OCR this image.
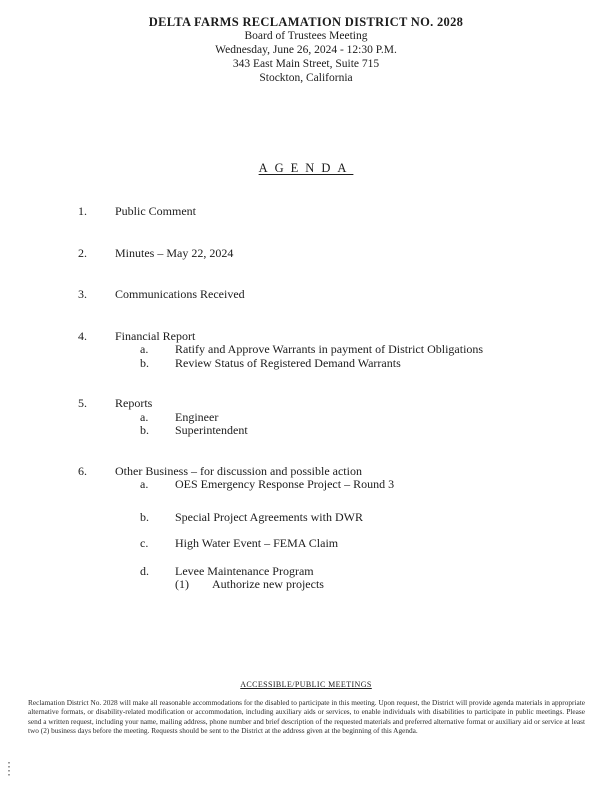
DELTA FARMS RECLAMATION DISTRICT NO. 2028
Board of Trustees Meeting
Wednesday, June 26, 2024 - 12:30 P.M.
343 East Main Street, Suite 715
Stockton, California
AGENDA
1.	Public Comment
2.	Minutes – May 22, 2024
3.	Communications Received
4.	Financial Report
a.	Ratify and Approve Warrants in payment of District Obligations
b.	Review Status of Registered Demand Warrants
5.	Reports
a.	Engineer
b.	Superintendent
6.	Other Business – for discussion and possible action
a.	OES Emergency Response Project – Round 3
b.	Special Project Agreements with DWR
c.	High Water Event – FEMA Claim
d.	Levee Maintenance Program
(1)	Authorize new projects
ACCESSIBLE/PUBLIC MEETINGS
Reclamation District No. 2028 will make all reasonable accommodations for the disabled to participate in this meeting. Upon request, the District will provide agenda materials in appropriate alternative formats, or disability-related modification or accommodation, including auxiliary aids or services, to enable individuals with disabilities to participate in public meetings. Please send a written request, including your name, mailing address, phone number and brief description of the requested materials and preferred alternative format or auxiliary aid or service at least two (2) business days before the meeting. Requests should be sent to the District at the address given at the beginning of this Agenda.
